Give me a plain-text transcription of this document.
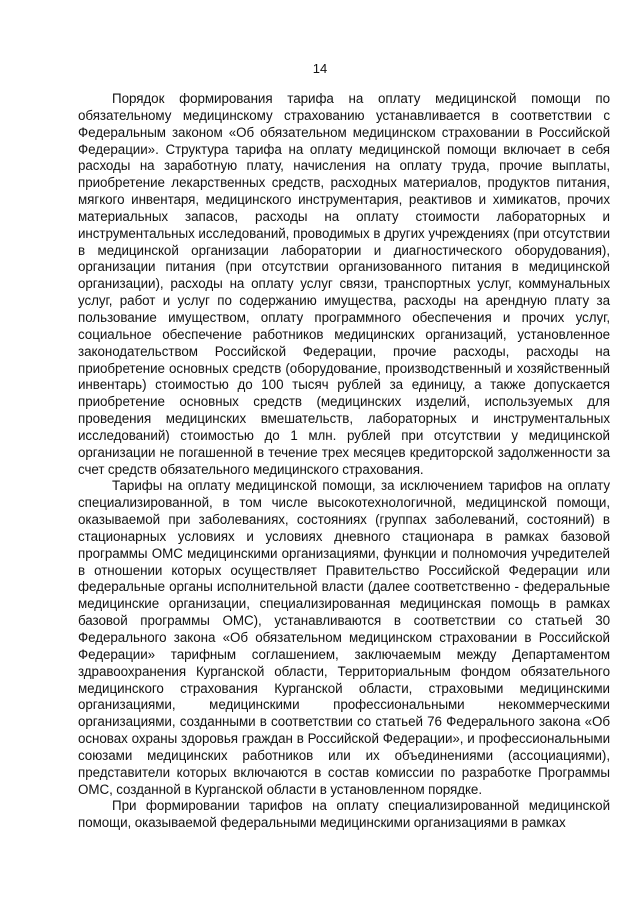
14

Порядок формирования тарифа на оплату медицинской помощи по обязательному медицинскому страхованию устанавливается в соответствии с Федеральным законом «Об обязательном медицинском страховании в Российской Федерации». Структура тарифа на оплату медицинской помощи включает в себя расходы на заработную плату, начисления на оплату труда, прочие выплаты, приобретение лекарственных средств, расходных материалов, продуктов питания, мягкого инвентаря, медицинского инструментария, реактивов и химикатов, прочих материальных запасов, расходы на оплату стоимости лабораторных и инструментальных исследований, проводимых в других учреждениях (при отсутствии в медицинской организации лаборатории и диагностического оборудования), организации питания (при отсутствии организованного питания в медицинской организации), расходы на оплату услуг связи, транспортных услуг, коммунальных услуг, работ и услуг по содержанию имущества, расходы на арендную плату за пользование имуществом, оплату программного обеспечения и прочих услуг, социальное обеспечение работников медицинских организаций, установленное законодательством Российской Федерации, прочие расходы, расходы на приобретение основных средств (оборудование, производственный и хозяйственный инвентарь) стоимостью до 100 тысяч рублей за единицу, а также допускается приобретение основных средств (медицинских изделий, используемых для проведения медицинских вмешательств, лабораторных и инструментальных исследований) стоимостью до 1 млн. рублей при отсутствии у медицинской организации не погашенной в течение трех месяцев кредиторской задолженности за счет средств обязательного медицинского страхования.

Тарифы на оплату медицинской помощи, за исключением тарифов на оплату специализированной, в том числе высокотехнологичной, медицинской помощи, оказываемой при заболеваниях, состояниях (группах заболеваний, состояний) в стационарных условиях и условиях дневного стационара в рамках базовой программы ОМС медицинскими организациями, функции и полномочия учредителей в отношении которых осуществляет Правительство Российской Федерации или федеральные органы исполнительной власти (далее соответственно - федеральные медицинские организации, специализированная медицинская помощь в рамках базовой программы ОМС), устанавливаются в соответствии со статьей 30 Федерального закона «Об обязательном медицинском страховании в Российской Федерации» тарифным соглашением, заключаемым между Департаментом здравоохранения Курганской области, Территориальным фондом обязательного медицинского страхования Курганской области, страховыми медицинскими организациями, медицинскими профессиональными некоммерческими организациями, созданными в соответствии со статьей 76 Федерального закона «Об основах охраны здоровья граждан в Российской Федерации», и профессиональными союзами медицинских работников или их объединениями (ассоциациями), представители которых включаются в состав комиссии по разработке Программы ОМС, созданной в Курганской области в установленном порядке.

При формировании тарифов на оплату специализированной медицинской помощи, оказываемой федеральными медицинскими организациями в рамках
